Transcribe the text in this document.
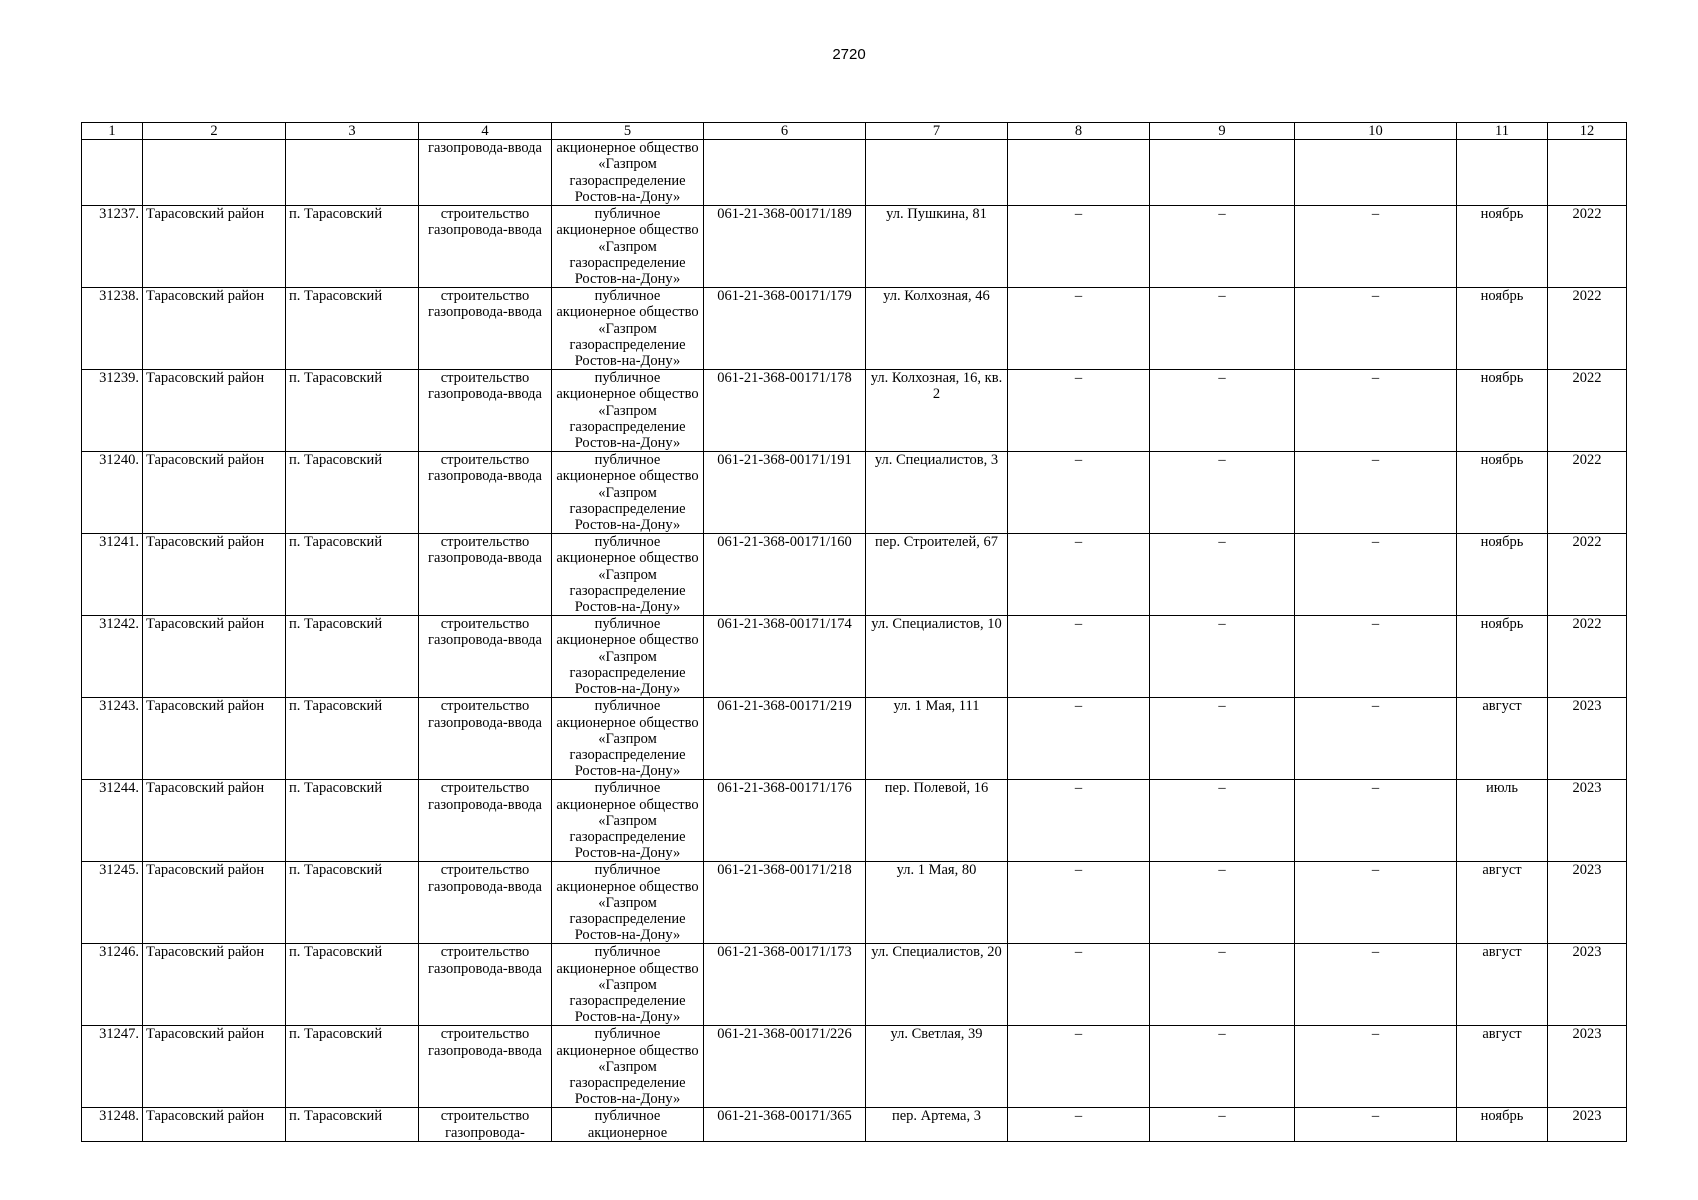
2720
1	2	3	4	5	6	7	8	9	10	11	12
			газопровода-ввода	акционерное общество «Газпром газораспределение Ростов-на-Дону»							
31237.	Тарасовский район	п. Тарасовский	строительство газопровода-ввода	публичное акционерное общество «Газпром газораспределение Ростов-на-Дону»	061-21-368-00171/189	ул. Пушкина, 81	–	–	–	ноябрь	2022
31238.	Тарасовский район	п. Тарасовский	строительство газопровода-ввода	публичное акционерное общество «Газпром газораспределение Ростов-на-Дону»	061-21-368-00171/179	ул. Колхозная, 46	–	–	–	ноябрь	2022
31239.	Тарасовский район	п. Тарасовский	строительство газопровода-ввода	публичное акционерное общество «Газпром газораспределение Ростов-на-Дону»	061-21-368-00171/178	ул. Колхозная, 16, кв. 2	–	–	–	ноябрь	2022
31240.	Тарасовский район	п. Тарасовский	строительство газопровода-ввода	публичное акционерное общество «Газпром газораспределение Ростов-на-Дону»	061-21-368-00171/191	ул. Специалистов, 3	–	–	–	ноябрь	2022
31241.	Тарасовский район	п. Тарасовский	строительство газопровода-ввода	публичное акционерное общество «Газпром газораспределение Ростов-на-Дону»	061-21-368-00171/160	пер. Строителей, 67	–	–	–	ноябрь	2022
31242.	Тарасовский район	п. Тарасовский	строительство газопровода-ввода	публичное акционерное общество «Газпром газораспределение Ростов-на-Дону»	061-21-368-00171/174	ул. Специалистов, 10	–	–	–	ноябрь	2022
31243.	Тарасовский район	п. Тарасовский	строительство газопровода-ввода	публичное акционерное общество «Газпром газораспределение Ростов-на-Дону»	061-21-368-00171/219	ул. 1 Мая, 111	–	–	–	август	2023
31244.	Тарасовский район	п. Тарасовский	строительство газопровода-ввода	публичное акционерное общество «Газпром газораспределение Ростов-на-Дону»	061-21-368-00171/176	пер. Полевой, 16	–	–	–	июль	2023
31245.	Тарасовский район	п. Тарасовский	строительство газопровода-ввода	публичное акционерное общество «Газпром газораспределение Ростов-на-Дону»	061-21-368-00171/218	ул. 1 Мая, 80	–	–	–	август	2023
31246.	Тарасовский район	п. Тарасовский	строительство газопровода-ввода	публичное акционерное общество «Газпром газораспределение Ростов-на-Дону»	061-21-368-00171/173	ул. Специалистов, 20	–	–	–	август	2023
31247.	Тарасовский район	п. Тарасовский	строительство газопровода-ввода	публичное акционерное общество «Газпром газораспределение Ростов-на-Дону»	061-21-368-00171/226	ул. Светлая, 39	–	–	–	август	2023
31248.	Тарасовский район	п. Тарасовский	строительство газопровода-	публичное акционерное	061-21-368-00171/365	пер. Артема, 3	–	–	–	ноябрь	2023
